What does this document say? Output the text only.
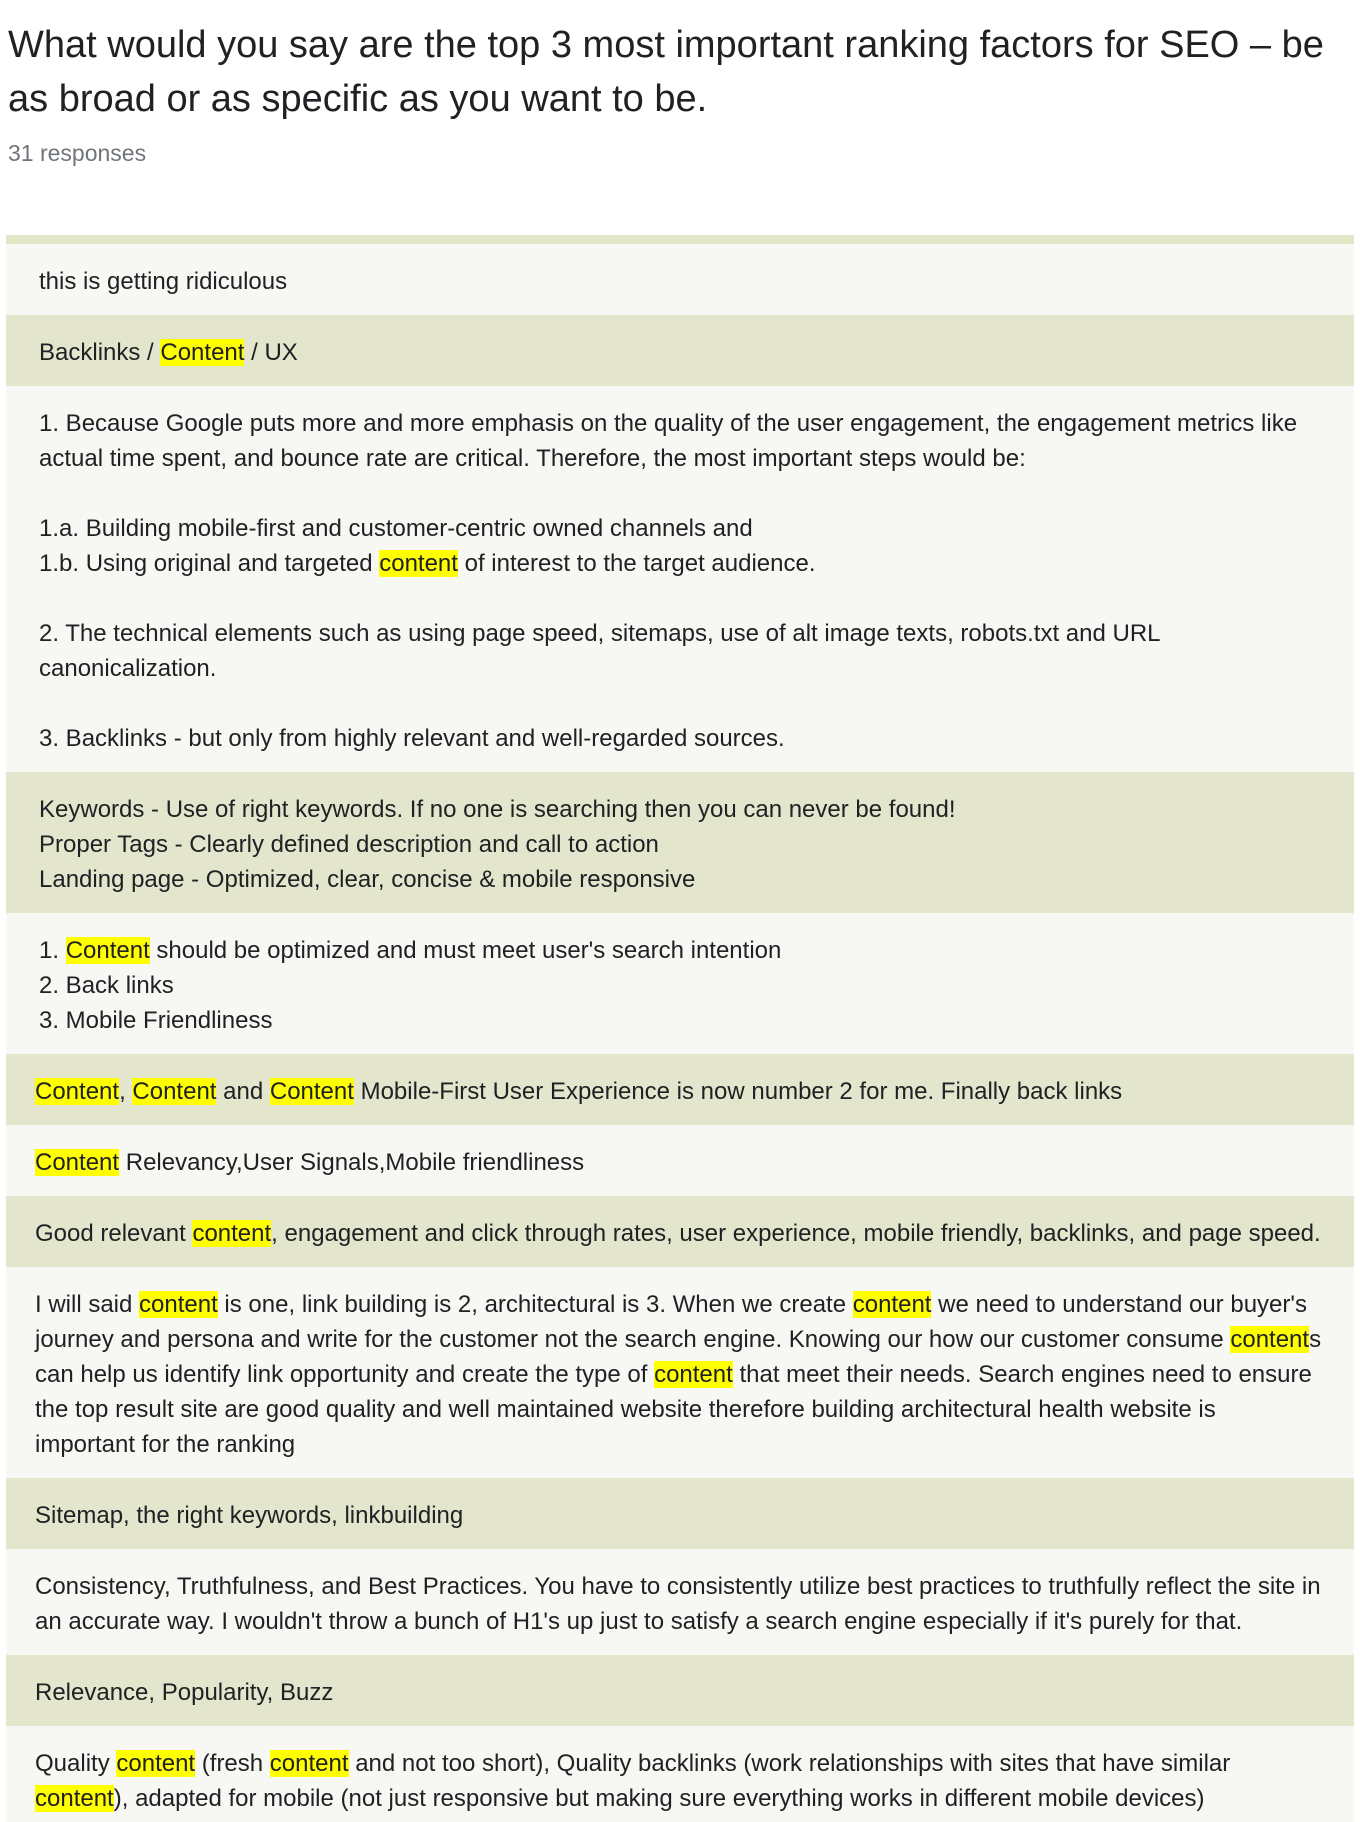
What would you say are the top 3 most important ranking factors for SEO – be as broad or as specific as you want to be.
31 responses
this is getting ridiculous
Backlinks / Content / UX
1. Because Google puts more and more emphasis on the quality of the user engagement, the engagement metrics like actual time spent, and bounce rate are critical. Therefore, the most important steps would be:

1.a. Building mobile-first and customer-centric owned channels and
1.b. Using original and targeted content of interest to the target audience.

2. The technical elements such as using page speed, sitemaps, use of alt image texts, robots.txt and URL canonicalization.

3. Backlinks - but only from highly relevant and well-regarded sources.
Keywords - Use of right keywords. If no one is searching then you can never be found!
Proper Tags - Clearly defined description and call to action
Landing page - Optimized, clear, concise & mobile responsive
1. Content should be optimized and must meet user's search intention
2. Back links
3. Mobile Friendliness
Content, Content and Content Mobile-First User Experience is now number 2 for me. Finally back links
Content Relevancy,User Signals,Mobile friendliness
Good relevant content, engagement and click through rates, user experience, mobile friendly, backlinks, and page speed.
I will said content is one, link building is 2, architectural is 3. When we create content we need to understand our buyer's journey and persona and write for the customer not the search engine. Knowing our how our customer consume contents can help us identify link opportunity and create the type of content that meet their needs. Search engines need to ensure the top result site are good quality and well maintained website therefore building architectural health website is important for the ranking
Sitemap, the right keywords, linkbuilding
Consistency, Truthfulness, and Best Practices. You have to consistently utilize best practices to truthfully reflect the site in an accurate way. I wouldn't throw a bunch of H1's up just to satisfy a search engine especially if it's purely for that.
Relevance, Popularity, Buzz
Quality content (fresh content and not too short), Quality backlinks (work relationships with sites that have similar content), adapted for mobile (not just responsive but making sure everything works in different mobile devices)
